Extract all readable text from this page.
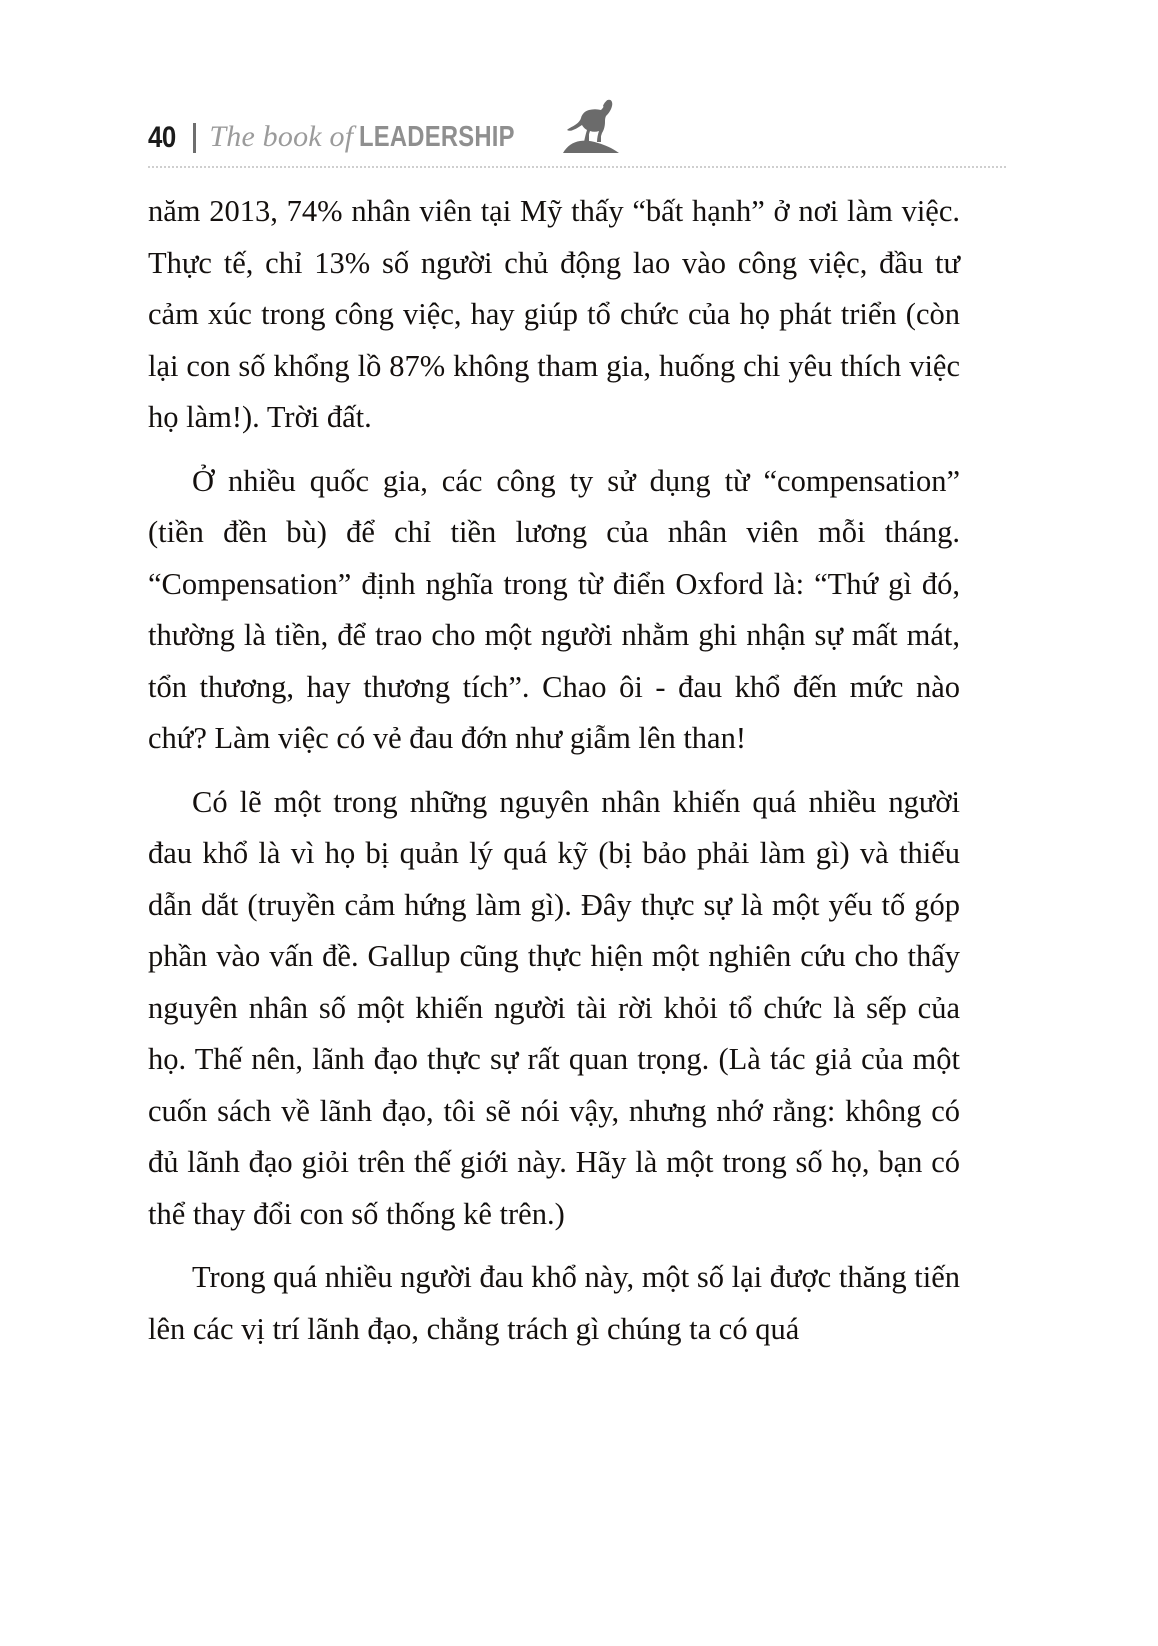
40 The book of LEADERSHIP

năm 2013, 74% nhân viên tại Mỹ thấy “bất hạnh” ở nơi làm việc. Thực tế, chỉ 13% số người chủ động lao vào công việc, đầu tư cảm xúc trong công việc, hay giúp tổ chức của họ phát triển (còn lại con số khổng lồ 87% không tham gia, huống chi yêu thích việc họ làm!). Trời đất.

Ở nhiều quốc gia, các công ty sử dụng từ “compensation” (tiền đền bù) để chỉ tiền lương của nhân viên mỗi tháng. “Compensation” định nghĩa trong từ điển Oxford là: “Thứ gì đó, thường là tiền, để trao cho một người nhằm ghi nhận sự mất mát, tổn thương, hay thương tích”. Chao ôi - đau khổ đến mức nào chứ? Làm việc có vẻ đau đớn như giẫm lên than!

Có lẽ một trong những nguyên nhân khiến quá nhiều người đau khổ là vì họ bị quản lý quá kỹ (bị bảo phải làm gì) và thiếu dẫn dắt (truyền cảm hứng làm gì). Đây thực sự là một yếu tố góp phần vào vấn đề. Gallup cũng thực hiện một nghiên cứu cho thấy nguyên nhân số một khiến người tài rời khỏi tổ chức là sếp của họ. Thế nên, lãnh đạo thực sự rất quan trọng. (Là tác giả của một cuốn sách về lãnh đạo, tôi sẽ nói vậy, nhưng nhớ rằng: không có đủ lãnh đạo giỏi trên thế giới này. Hãy là một trong số họ, bạn có thể thay đổi con số thống kê trên.)

Trong quá nhiều người đau khổ này, một số lại được thăng tiến lên các vị trí lãnh đạo, chẳng trách gì chúng ta có quá
